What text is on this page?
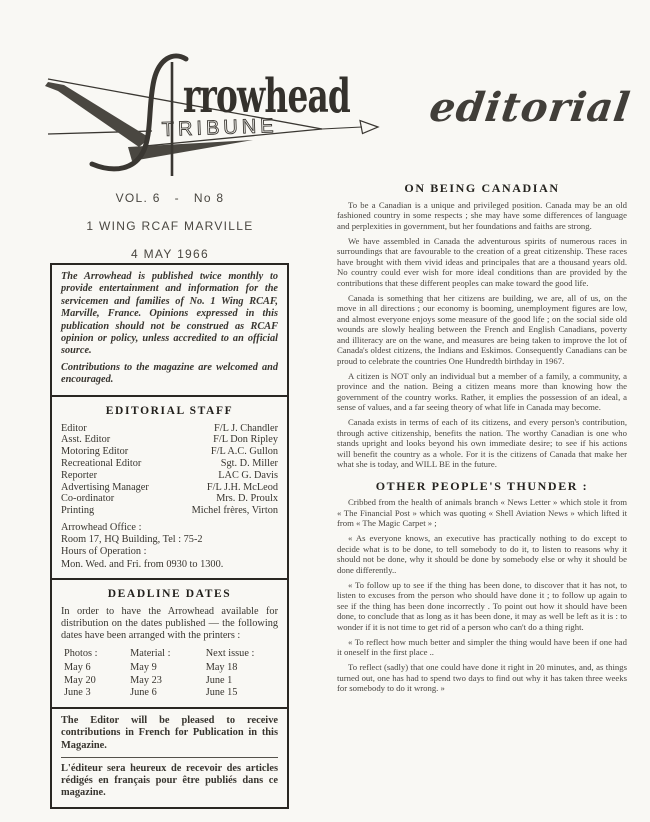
rrowhead
TRIBUNE	editorial
VOL. 6   -   No 8
1 WING RCAF MARVILLE
4 MAY 1966

The Arrowhead is published twice monthly to provide entertainment and information for the servicemen and families of No. 1 Wing RCAF, Marville, France. Opinions expressed in this publication should not be construed as RCAF opinion or policy, unless accredited to an official source.

Contributions to the magazine are welcomed and encouraged.

EDITORIAL STAFF
Editor	F/L J. Chandler
Asst. Editor	F/L Don Ripley
Motoring Editor	F/L A.C. Gullon
Recreational Editor	Sgt. D. Miller
Reporter	LAC G. Davis
Advertising Manager	F/L J.H. McLeod
Co-ordinator	Mrs. D. Proulx
Printing	Michel frères, Virton
Arrowhead Office :
Room 17, HQ Building, Tel : 75-2
Hours of Operation :
Mon. Wed. and Fri. from 0930 to 1300.
DEADLINE DATES

In order to have the Arrowhead available for distribution on the dates published — the following dates have been arranged with the printers :

Photos :	Material :	Next issue :
May 6	May 9	May 18
May 20	May 23	June 1
June 3	June 6	June 15
The Editor will be pleased to receive contributions in French for Publication in this Magazine.
L'éditeur sera heureux de recevoir des articles rédigés en français pour être publiés dans ce magazine.
ON BEING CANADIAN

To be a Canadian is a unique and privileged position. Canada may be an old fashioned country in some respects ; she may have some differences of language and perplexities in government, but her foundations and faiths are strong.

We have assembled in Canada the adventurous spirits of numerous races in surroundings that are favourable to the creation of a great citizenship. These races have brought with them vivid ideas and principales that are a thousand years old. No country could ever wish for more ideal conditions than are provided by the contributions that these different peoples can make toward the good life.

Canada is something that her citizens are building, we are, all of us, on the move in all directions ; our economy is booming, unemployment figures are low, and almost everyone enjoys some measure of the good life ; on the social side old wounds are slowly healing between the French and English Canadians, poverty and illiteracy are on the wane, and measures are being taken to improve the lot of Canada's oldest citizens, the Indians and Eskimos. Consequently Canadians can be proud to celebrate the countries One Hundredth birthday in 1967.

A citizen is NOT only an individual but a member of a family, a community, a province and the nation. Being a citizen means more than knowing how the government of the country works. Rather, it emplies the possession of an ideal, a sense of values, and a far seeing theory of what life in Canada may become.

Canada exists in terms of each of its citizens, and every person's contribution, through active citizenship, benefits the nation. The worthy Canadian is one who stands upright and looks beyond his own immediate desire; to see if his actions will benefit the country as a whole. For it is the citizens of Canada that make her what she is today, and WILL BE in the future.

OTHER PEOPLE'S THUNDER :

Cribbed from the health of animals branch « News Letter » which stole it from « The Financial Post » which was quoting « Shell Aviation News » which lifted it from « The Magic Carpet » ;

« As everyone knows, an executive has practically nothing to do except to decide what is to be done, to tell somebody to do it, to listen to reasons why it should not be done, why it should be done by somebody else or why it should be done differently..

« To follow up to see if the thing has been done, to discover that it has not, to listen to excuses from the person who should have done it ; to follow up again to see if the thing has been done incorrectly . To point out how it should have been done, to conclude that as long as it has been done, it may as well be left as it is : to wonder if it is not time to get rid of a person who can't do a thing right.

« To reflect how much better and simpler the thing would have been if one had it oneself in the first place ..

To reflect (sadly) that one could have done it right in 20 minutes, and, as things turned out, one has had to spend two days to find out why it has taken three weeks for somebody to do it wrong. »
